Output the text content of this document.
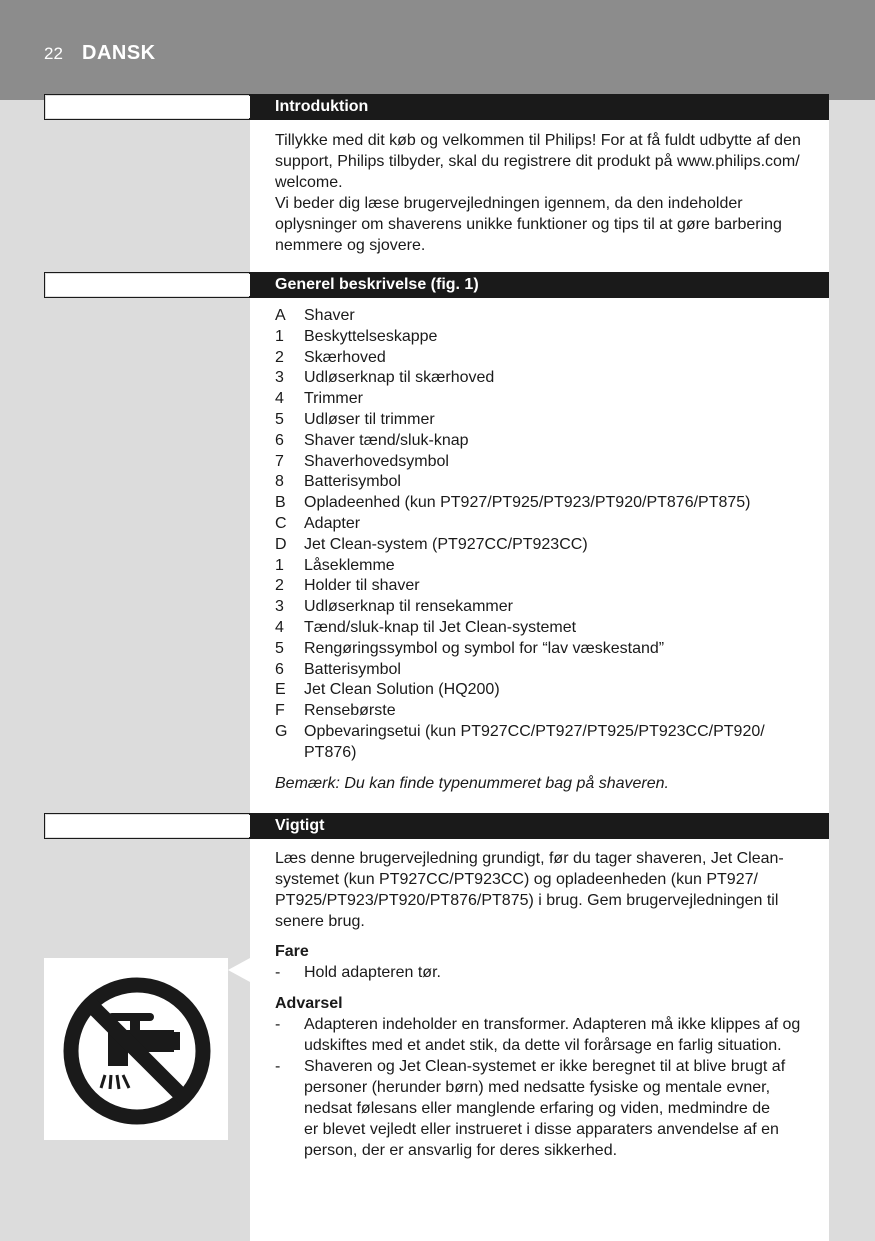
22 DANSK
Introduktion

Tillykke med dit køb og velkommen til Philips! For at få fuldt udbytte af den

support, Philips tilbyder, skal du registrere dit produkt på www.philips.com/

welcome.

Vi beder dig læse brugervejledningen igennem, da den indeholder

oplysninger om shaverens unikke funktioner og tips til at gøre barbering

nemmere og sjovere.

Generel beskrivelse (fig. 1)
A	Shaver
1	Beskyttelseskappe
2	Skærhoved
3	Udløserknap til skærhoved
4	Trimmer
5	Udløser til trimmer
6	Shaver tænd/sluk-knap
7	Shaverhovedsymbol
8	Batterisymbol
B	Opladeenhed (kun PT927/PT925/PT923/PT920/PT876/PT875)
C	Adapter
D	Jet Clean-system (PT927CC/PT923CC)
1	Låseklemme
2	Holder til shaver
3	Udløserknap til rensekammer
4	Tænd/sluk-knap til Jet Clean-systemet
5	Rengøringssymbol og symbol for “lav væskestand”
6	Batterisymbol
E	Jet Clean Solution (HQ200)
F	Rensebørste
G	Opbevaringsetui (kun PT927CC/PT927/PT925/PT923CC/PT920/
PT876)
Bemærk: Du kan finde typenummeret bag på shaveren.
Vigtigt

Læs denne brugervejledning grundigt, før du tager shaveren, Jet Clean-

systemet (kun PT927CC/PT923CC) og opladeenheden (kun PT927/

PT925/PT923/PT920/PT876/PT875) i brug. Gem brugervejledningen til

senere brug.

Fare

-	Hold adapteren tør.

Advarsel

-	Adapteren indeholder en transformer. Adapteren må ikke klippes af og

udskiftes med et andet stik, da dette vil forårsage en farlig situation.

-	Shaveren og Jet Clean-systemet er ikke beregnet til at blive brugt af

personer (herunder børn) med nedsatte fysiske og mentale evner,

nedsat følesans eller manglende erfaring og viden, medmindre de

er blevet vejledt eller instrueret i disse apparaters anvendelse af en

person, der er ansvarlig for deres sikkerhed.
